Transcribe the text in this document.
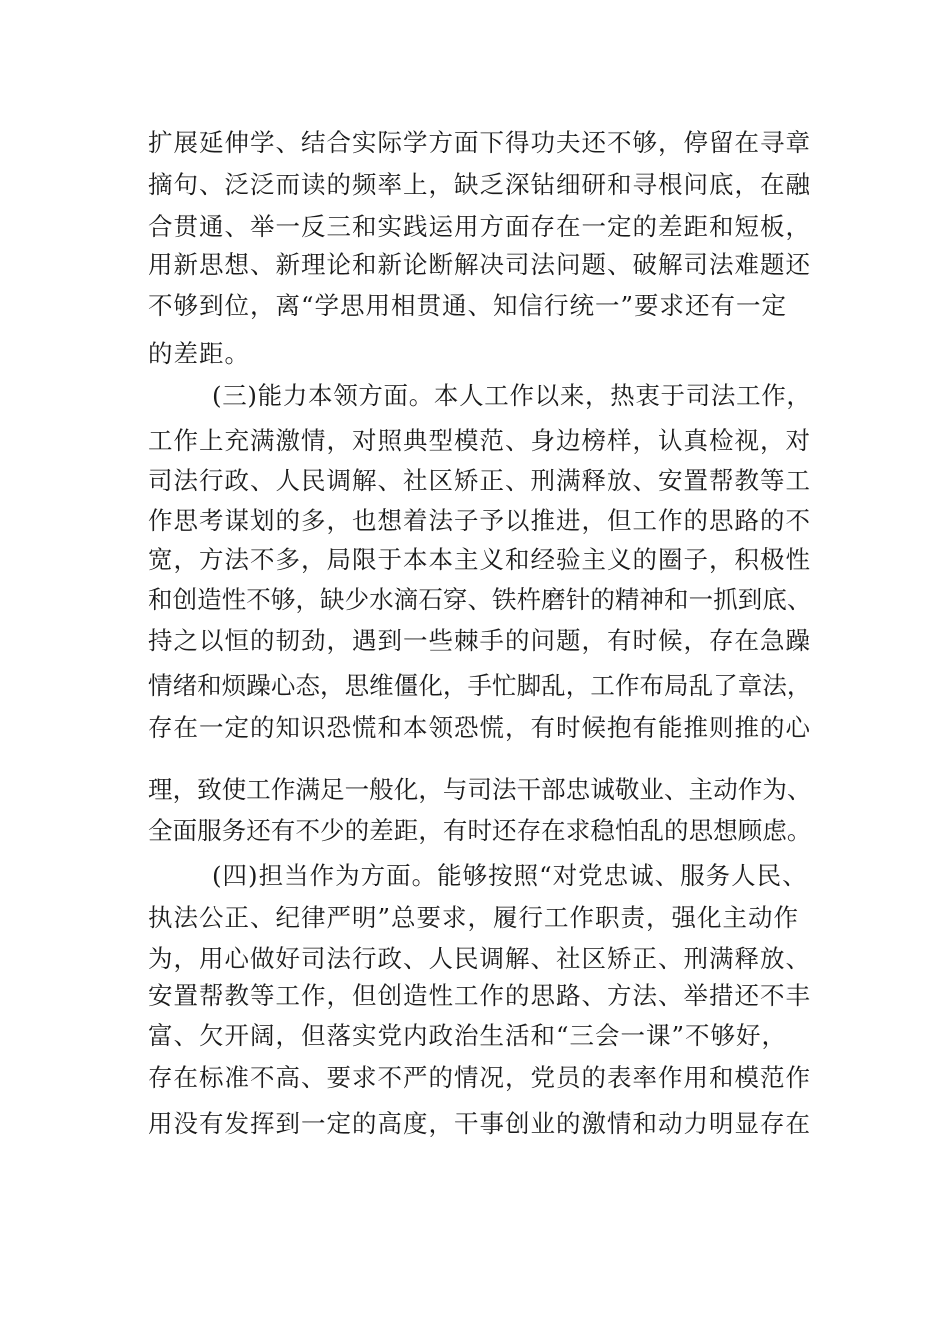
扩展延伸学、结合实际学方面下得功夫还不够，停留在寻章
摘句、泛泛而读的频率上，缺乏深钻细研和寻根问底，在融
合贯通、举一反三和实践运用方面存在一定的差距和短板，
用新思想、新理论和新论断解决司法问题、破解司法难题还
不够到位，离“学思用相贯通、知信行统一”要求还有一定
的差距。
(三)能力本领方面。本人工作以来，热衷于司法工作，
工作上充满激情，对照典型模范、身边榜样，认真检视，对
司法行政、人民调解、社区矫正、刑满释放、安置帮教等工
作思考谋划的多，也想着法子予以推进，但工作的思路的不
宽，方法不多，局限于本本主义和经验主义的圈子，积极性
和创造性不够，缺少水滴石穿、铁杵磨针的精神和一抓到底、
持之以恒的韧劲，遇到一些棘手的问题，有时候，存在急躁
情绪和烦躁心态，思维僵化，手忙脚乱，工作布局乱了章法，
存在一定的知识恐慌和本领恐慌，有时候抱有能推则推的心
理，致使工作满足一般化，与司法干部忠诚敬业、主动作为、
全面服务还有不少的差距，有时还存在求稳怕乱的思想顾虑。
(四)担当作为方面。能够按照“对党忠诚、服务人民、
执法公正、纪律严明”总要求，履行工作职责，强化主动作
为，用心做好司法行政、人民调解、社区矫正、刑满释放、
安置帮教等工作，但创造性工作的思路、方法、举措还不丰
富、欠开阔，但落实党内政治生活和“三会一课”不够好，
存在标准不高、要求不严的情况，党员的表率作用和模范作
用没有发挥到一定的高度，干事创业的激情和动力明显存在
